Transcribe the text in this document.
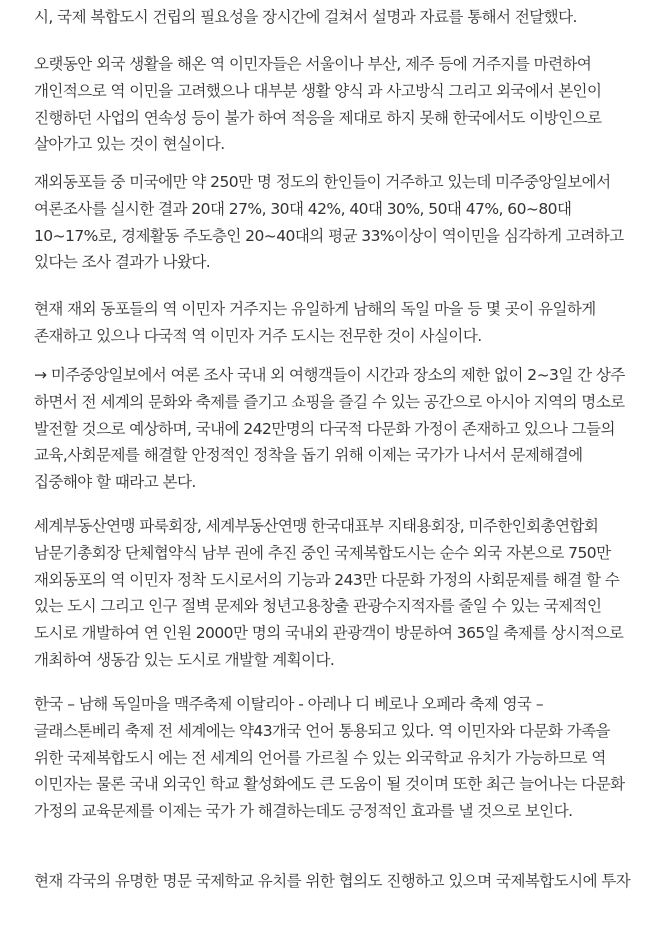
시, 국제 복합도시 건립의 필요성을 장시간에 걸쳐서 설명과 자료를 통해서 전달했다.

오랫동안 외국 생활을 해온 역 이민자들은 서울이나 부산, 제주 등에 거주지를 마련하여 개인적으로 역 이민을 고려했으나 대부분 생활 양식 과 사고방식 그리고 외국에서 본인이 진행하던 사업의 연속성 등이 불가 하여 적응을 제대로 하지 못해 한국에서도 이방인으로 살아가고 있는 것이 현실이다.

재외동포들 중 미국에만 약 250만 명 정도의 한인들이 거주하고 있는데 미주중앙일보에서 여론조사를 실시한 결과 20대 27%, 30대 42%, 40대 30%, 50대 47%, 60~80대 10~17%로, 경제활동 주도층인 20~40대의 평균 33%이상이 역이민을 심각하게 고려하고 있다는 조사 결과가 나왔다.

현재 재외 동포들의 역 이민자 거주지는 유일하게 남해의 독일 마을 등 몇 곳이 유일하게 존재하고 있으나 다국적 역 이민자 거주 도시는 전무한 것이 사실이다.

→ 미주중앙일보에서 여론 조사 국내 외 여행객들이 시간과 장소의 제한 없이 2~3일 간 상주 하면서 전 세계의 문화와 축제를 즐기고 쇼핑을 즐길 수 있는 공간으로 아시아 지역의 명소로 발전할 것으로 예상하며, 국내에 242만명의 다국적 다문화 가정이 존재하고 있으나 그들의 교육,사회문제를 해결할 안정적인 정착을 돕기 위해 이제는 국가가 나서서 문제해결에 집중해야 할 때라고 본다.

세계부동산연맹 파룩회장, 세계부동산연맹 한국대표부 지태용회장, 미주한인회총연합회 남문기총회장 단체협약식 남부 권에 추진 중인 국제복합도시는 순수 외국 자본으로 750만 재외동포의 역 이민자 정착 도시로서의 기능과 243만 다문화 가정의 사회문제를 해결 할 수 있는 도시 그리고 인구 절벽 문제와 청년고용창출 관광수지적자를 줄일 수 있는 국제적인 도시로 개발하여 연 인원 2000만 명의 국내외 관광객이 방문하여 365일 축제를 상시적으로 개최하여 생동감 있는 도시로 개발할 계획이다.

한국 – 남해 독일마을 맥주축제 이탈리아 - 아레나 디 베로나 오페라 축제 영국 – 글래스톤베리 축제 전 세계에는 약43개국 언어 통용되고 있다. 역 이민자와 다문화 가족을 위한 국제복합도시 에는 전 세계의 언어를 가르칠 수 있는 외국학교 유치가 가능하므로 역 이민자는 물론 국내 외국인 학교 활성화에도 큰 도움이 될 것이며 또한 최근 늘어나는 다문화 가정의 교육문제를 이제는 국가 가 해결하는데도 긍정적인 효과를 낼 것으로 보인다.

현재 각국의 유명한 명문 국제학교 유치를 위한 협의도 진행하고 있으며 국제복합도시에 투자
